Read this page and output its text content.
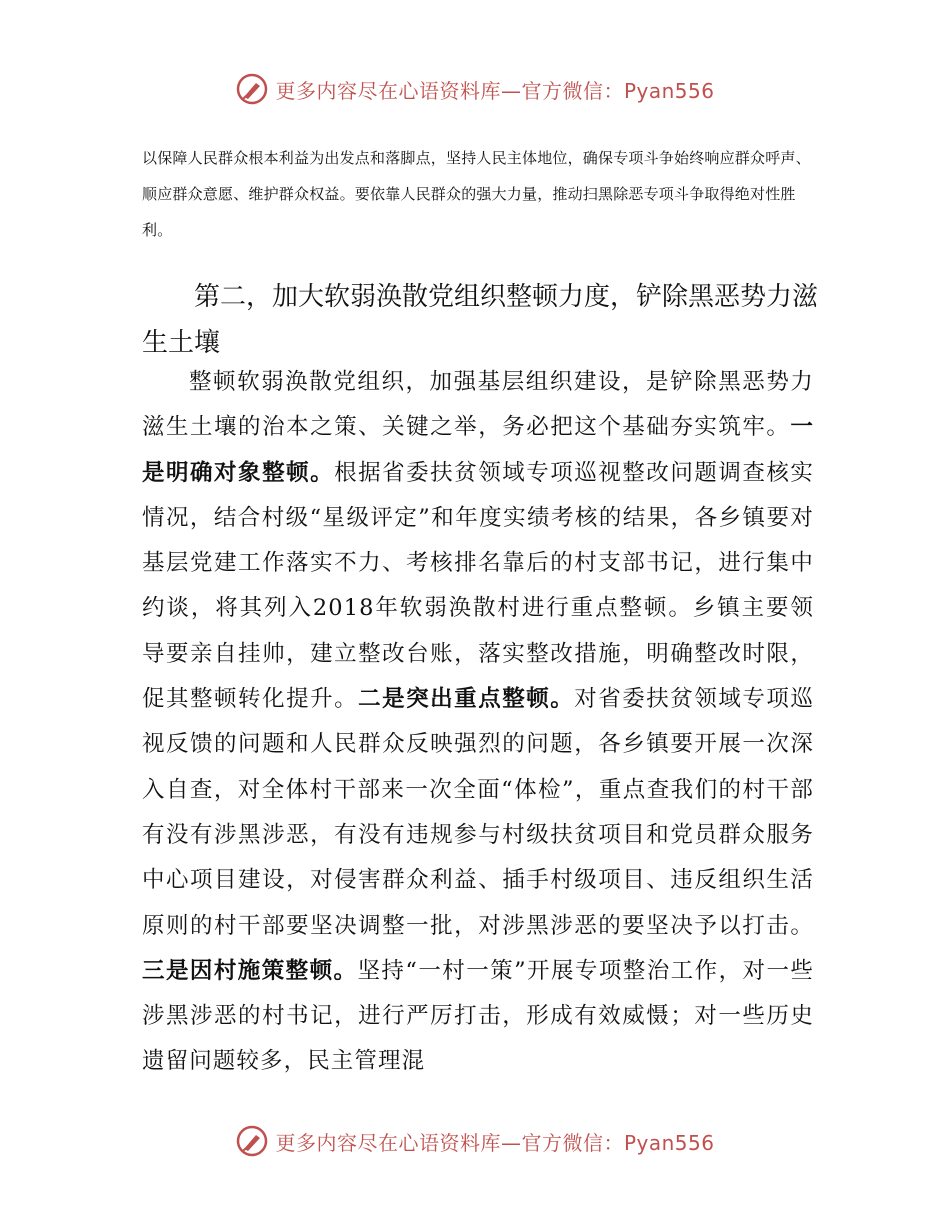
更多内容尽在心语资料库—官方微信：Pyan556

以保障人民群众根本利益为出发点和落脚点，坚持人民主体地位，确保专项斗争始终响应群众呼声、顺应群众意愿、维护群众权益。要依靠人民群众的强大力量，推动扫黑除恶专项斗争取得绝对性胜利。

第二，加大软弱涣散党组织整顿力度，铲除黑恶势力滋生土壤

整顿软弱涣散党组织，加强基层组织建设，是铲除黑恶势力滋生土壤的治本之策、关键之举，务必把这个基础夯实筑牢。一是明确对象整顿。根据省委扶贫领域专项巡视整改问题调查核实情况，结合村级“星级评定”和年度实绩考核的结果，各乡镇要对基层党建工作落实不力、考核排名靠后的村支部书记，进行集中约谈，将其列入2018年软弱涣散村进行重点整顿。乡镇主要领导要亲自挂帅，建立整改台账，落实整改措施，明确整改时限，促其整顿转化提升。二是突出重点整顿。对省委扶贫领域专项巡视反馈的问题和人民群众反映强烈的问题，各乡镇要开展一次深入自查，对全体村干部来一次全面“体检”，重点查我们的村干部有没有涉黑涉恶，有没有违规参与村级扶贫项目和党员群众服务中心项目建设，对侵害群众利益、插手村级项目、违反组织生活原则的村干部要坚决调整一批，对涉黑涉恶的要坚决予以打击。三是因村施策整顿。坚持“一村一策”开展专项整治工作，对一些涉黑涉恶的村书记，进行严厉打击，形成有效威慑；对一些历史遗留问题较多，民主管理混

更多内容尽在心语资料库—官方微信：Pyan556
